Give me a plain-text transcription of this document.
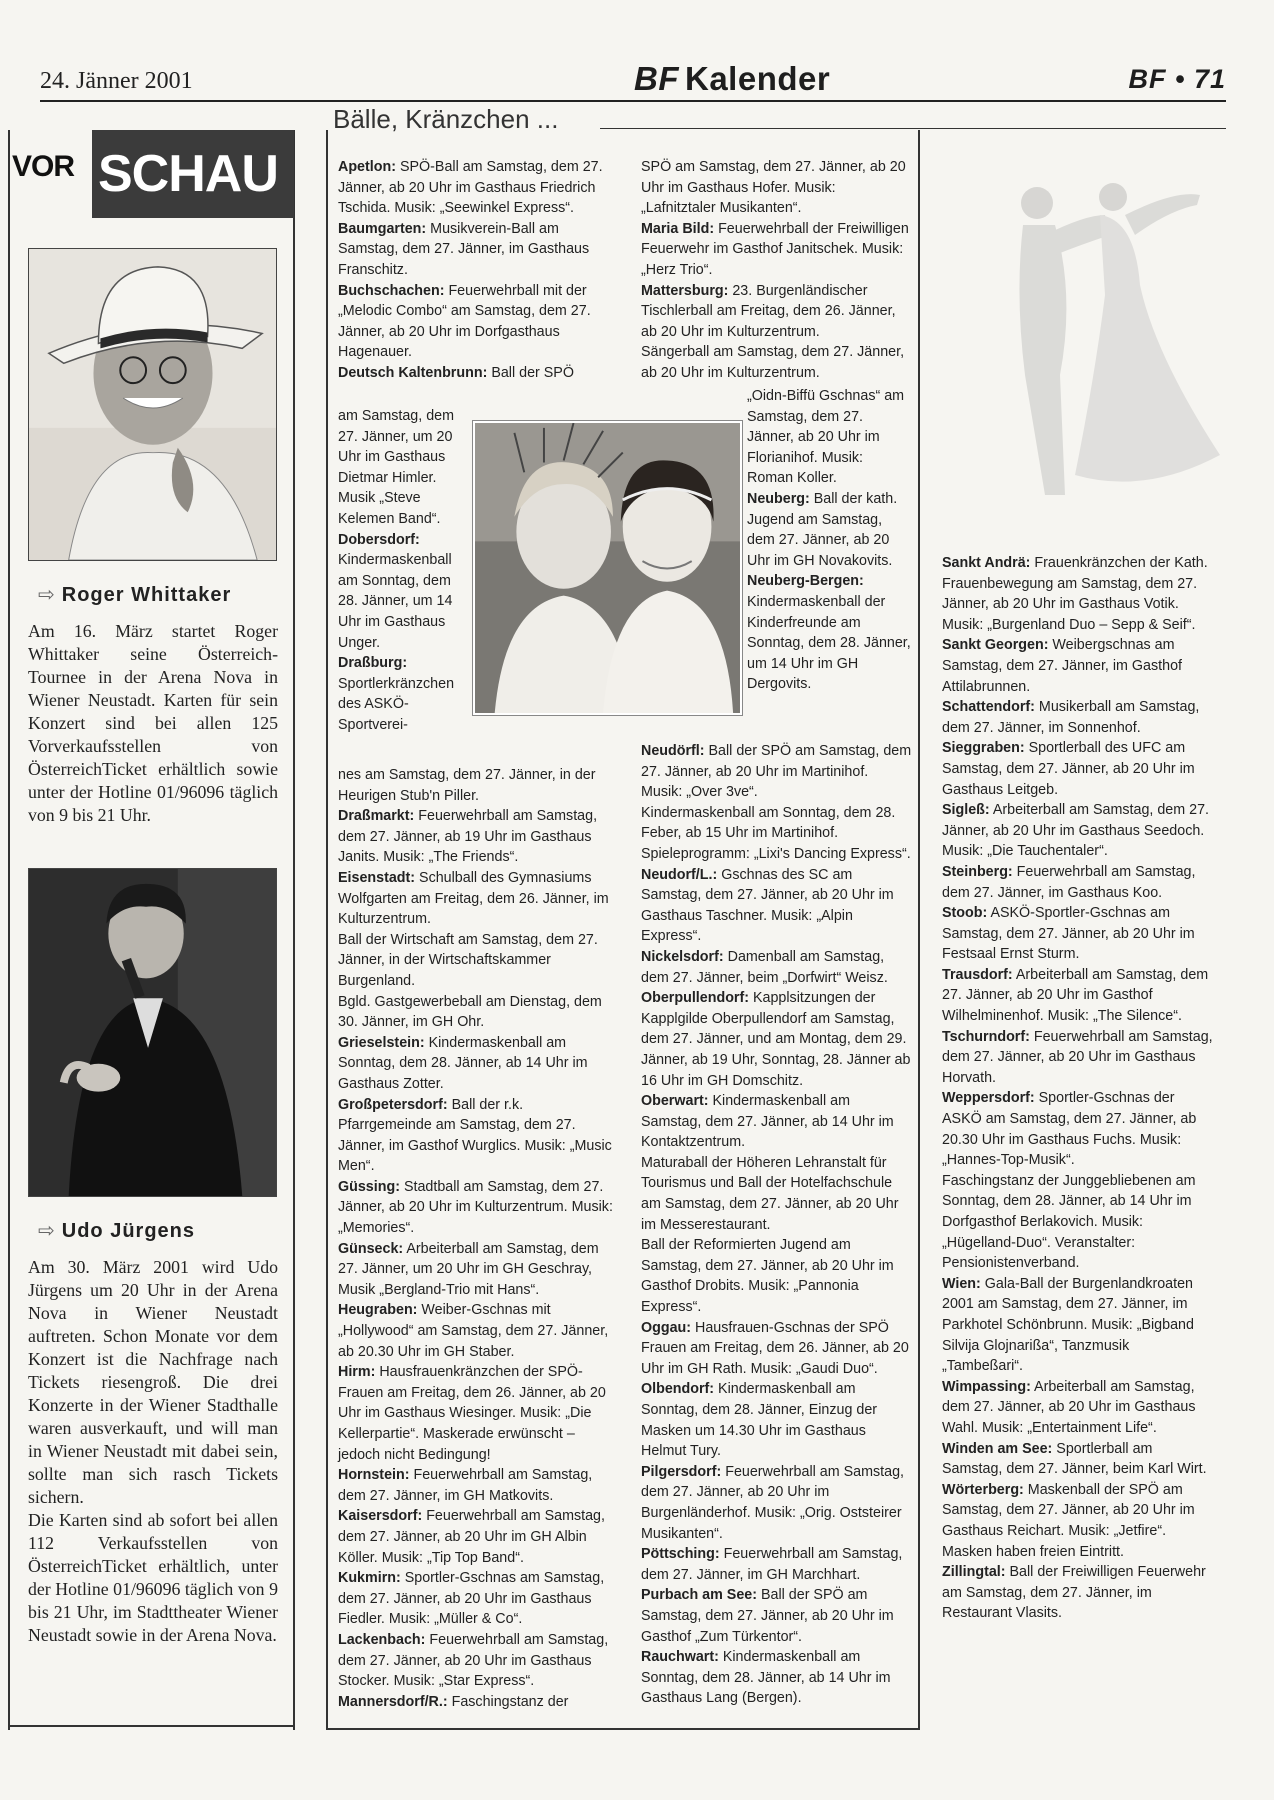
24. Jänner 2001	BF Kalender	BF • 71
Bälle, Kränzchen ...
VOR SCHAU
⇨ Roger Whittaker
Am 16. März startet Roger Whittaker seine Österreich-Tournee in der Arena Nova in Wiener Neustadt. Karten für sein Konzert sind bei allen 125 Vorverkaufsstellen von ÖsterreichTicket erhältlich sowie unter der Hotline 01/96096 täglich von 9 bis 21 Uhr.
⇨ Udo Jürgens
Am 30. März 2001 wird Udo Jürgens um 20 Uhr in der Arena Nova in Wiener Neustadt auftreten. Schon Monate vor dem Konzert ist die Nachfrage nach Tickets riesengroß. Die drei Konzerte in der Wiener Stadthalle waren ausverkauft, und will man in Wiener Neustadt mit dabei sein, sollte man sich rasch Tickets sichern.
Die Karten sind ab sofort bei allen 112 Verkaufsstellen von ÖsterreichTicket erhältlich, unter der Hotline 01/96096 täglich von 9 bis 21 Uhr, im Stadttheater Wiener Neustadt sowie in der Arena Nova.

Apetlon: SPÖ-Ball am Samstag, dem 27. Jänner, ab 20 Uhr im Gasthaus Friedrich Tschida. Musik: „Seewinkel Express“.

Baumgarten: Musikverein-Ball am Samstag, dem 27. Jänner, im Gasthaus Franschitz.

Buchschachen: Feuerwehrball mit der „Melodic Combo“ am Samstag, dem 27. Jänner, ab 20 Uhr im Dorfgasthaus Hagenauer.

Deutsch Kaltenbrunn: Ball der SPÖ

am Samstag, dem 27. Jänner, um 20 Uhr im Gasthaus Dietmar Himler. Musik „Steve Kelemen Band“.

Dobersdorf: Kindermaskenball am Sonntag, dem 28. Jänner, um 14 Uhr im Gasthaus Unger.

Draßburg: Sportlerkränzchen des ASKÖ-Sportverei-

nes am Samstag, dem 27. Jänner, in der Heurigen Stub'n Piller.

Draßmarkt: Feuerwehrball am Samstag, dem 27. Jänner, ab 19 Uhr im Gasthaus Janits. Musik: „The Friends“.

Eisenstadt: Schulball des Gymnasiums Wolfgarten am Freitag, dem 26. Jänner, im Kulturzentrum.

Ball der Wirtschaft am Samstag, dem 27. Jänner, in der Wirtschaftskammer Burgenland.

Bgld. Gastgewerbeball am Dienstag, dem 30. Jänner, im GH Ohr.

Grieselstein: Kindermaskenball am Sonntag, dem 28. Jänner, ab 14 Uhr im Gasthaus Zotter.

Großpetersdorf: Ball der r.k. Pfarrgemeinde am Samstag, dem 27. Jänner, im Gasthof Wurglics. Musik: „Music Men“.

Güssing: Stadtball am Samstag, dem 27. Jänner, ab 20 Uhr im Kulturzentrum. Musik: „Memories“.

Günseck: Arbeiterball am Samstag, dem 27. Jänner, um 20 Uhr im GH Geschray, Musik „Bergland-Trio mit Hans“.

Heugraben: Weiber-Gschnas mit „Hollywood“ am Samstag, dem 27. Jänner, ab 20.30 Uhr im GH Staber.

Hirm: Hausfrauenkränzchen der SPÖ-Frauen am Freitag, dem 26. Jänner, ab 20 Uhr im Gasthaus Wiesinger. Musik: „Die Kellerpartie“. Maskerade erwünscht – jedoch nicht Bedingung!

Hornstein: Feuerwehrball am Samstag, dem 27. Jänner, im GH Matkovits.

Kaisersdorf: Feuerwehrball am Samstag, dem 27. Jänner, ab 20 Uhr im GH Albin Köller. Musik: „Tip Top Band“.

Kukmirn: Sportler-Gschnas am Samstag, dem 27. Jänner, ab 20 Uhr im Gasthaus Fiedler. Musik: „Müller & Co“.

Lackenbach: Feuerwehrball am Samstag, dem 27. Jänner, ab 20 Uhr im Gasthaus Stocker. Musik: „Star Express“.

Mannersdorf/R.: Faschingstanz der

SPÖ am Samstag, dem 27. Jänner, ab 20 Uhr im Gasthaus Hofer. Musik: „Lafnitztaler Musikanten“.

Maria Bild: Feuerwehrball der Freiwilligen Feuerwehr im Gasthof Janitschek. Musik: „Herz Trio“.

Mattersburg: 23. Burgenländischer Tischlerball am Freitag, dem 26. Jänner, ab 20 Uhr im Kulturzentrum.

Sängerball am Samstag, dem 27. Jänner, ab 20 Uhr im Kulturzentrum.

„Oidn-Biffü Gschnas“ am Samstag, dem 27. Jänner, ab 20 Uhr im Florianihof. Musik: Roman Koller.

Neuberg: Ball der kath. Jugend am Samstag, dem 27. Jänner, ab 20 Uhr im GH Novakovits.

Neuberg-Bergen: Kindermaskenball der Kinderfreunde am Sonntag, dem 28. Jänner, um 14 Uhr im GH Dergovits.

Neudörfl: Ball der SPÖ am Samstag, dem 27. Jänner, ab 20 Uhr im Martinihof. Musik: „Over 3ve“.

Kindermaskenball am Sonntag, dem 28. Feber, ab 15 Uhr im Martinihof. Spieleprogramm: „Lixi's Dancing Express“.

Neudorf/L.: Gschnas des SC am Samstag, dem 27. Jänner, ab 20 Uhr im Gasthaus Taschner. Musik: „Alpin Express“.

Nickelsdorf: Damenball am Samstag, dem 27. Jänner, beim „Dorfwirt“ Weisz.

Oberpullendorf: Kapplsitzungen der Kapplgilde Oberpullendorf am Samstag, dem 27. Jänner, und am Montag, dem 29. Jänner, ab 19 Uhr, Sonntag, 28. Jänner ab 16 Uhr im GH Domschitz.

Oberwart: Kindermaskenball am Samstag, dem 27. Jänner, ab 14 Uhr im Kontaktzentrum.

Maturaball der Höheren Lehranstalt für Tourismus und Ball der Hotelfachschule am Samstag, dem 27. Jänner, ab 20 Uhr im Messerestaurant.

Ball der Reformierten Jugend am Samstag, dem 27. Jänner, ab 20 Uhr im Gasthof Drobits. Musik: „Pannonia Express“.

Oggau: Hausfrauen-Gschnas der SPÖ Frauen am Freitag, dem 26. Jänner, ab 20 Uhr im GH Rath. Musik: „Gaudi Duo“.

Olbendorf: Kindermaskenball am Sonntag, dem 28. Jänner, Einzug der Masken um 14.30 Uhr im Gasthaus Helmut Tury.

Pilgersdorf: Feuerwehrball am Samstag, dem 27. Jänner, ab 20 Uhr im Burgenländerhof. Musik: „Orig. Oststeirer Musikanten“.

Pöttsching: Feuerwehrball am Samstag, dem 27. Jänner, im GH Marchhart.

Purbach am See: Ball der SPÖ am Samstag, dem 27. Jänner, ab 20 Uhr im Gasthof „Zum Türkentor“.

Rauchwart: Kindermaskenball am Sonntag, dem 28. Jänner, ab 14 Uhr im Gasthaus Lang (Bergen).

Sankt Andrä: Frauenkränzchen der Kath. Frauenbewegung am Samstag, dem 27. Jänner, ab 20 Uhr im Gasthaus Votik. Musik: „Burgenland Duo – Sepp & Seif“.

Sankt Georgen: Weibergschnas am Samstag, dem 27. Jänner, im Gasthof Attilabrunnen.

Schattendorf: Musikerball am Samstag, dem 27. Jänner, im Sonnenhof.

Sieggraben: Sportlerball des UFC am Samstag, dem 27. Jänner, ab 20 Uhr im Gasthaus Leitgeb.

Sigleß: Arbeiterball am Samstag, dem 27. Jänner, ab 20 Uhr im Gasthaus Seedoch. Musik: „Die Tauchentaler“.

Steinberg: Feuerwehrball am Samstag, dem 27. Jänner, im Gasthaus Koo.

Stoob: ASKÖ-Sportler-Gschnas am Samstag, dem 27. Jänner, ab 20 Uhr im Festsaal Ernst Sturm.

Trausdorf: Arbeiterball am Samstag, dem 27. Jänner, ab 20 Uhr im Gasthof Wilhelminenhof. Musik: „The Silence“.

Tschurndorf: Feuerwehrball am Samstag, dem 27. Jänner, ab 20 Uhr im Gasthaus Horvath.

Weppersdorf: Sportler-Gschnas der ASKÖ am Samstag, dem 27. Jänner, ab 20.30 Uhr im Gasthaus Fuchs. Musik: „Hannes-Top-Musik“.

Faschingstanz der Junggebliebenen am Sonntag, dem 28. Jänner, ab 14 Uhr im Dorfgasthof Berlakovich. Musik: „Hügelland-Duo“. Veranstalter: Pensionistenverband.

Wien: Gala-Ball der Burgenlandkroaten 2001 am Samstag, dem 27. Jänner, im Parkhotel Schönbrunn. Musik: „Bigband Silvija Glojnarißa“, Tanzmusik „Tambeßari“.

Wimpassing: Arbeiterball am Samstag, dem 27. Jänner, ab 20 Uhr im Gasthaus Wahl. Musik: „Entertainment Life“.

Winden am See: Sportlerball am Samstag, dem 27. Jänner, beim Karl Wirt.

Wörterberg: Maskenball der SPÖ am Samstag, dem 27. Jänner, ab 20 Uhr im Gasthaus Reichart. Musik: „Jetfire“. Masken haben freien Eintritt.

Zillingtal: Ball der Freiwilligen Feuerwehr am Samstag, dem 27. Jänner, im Restaurant Vlasits.
